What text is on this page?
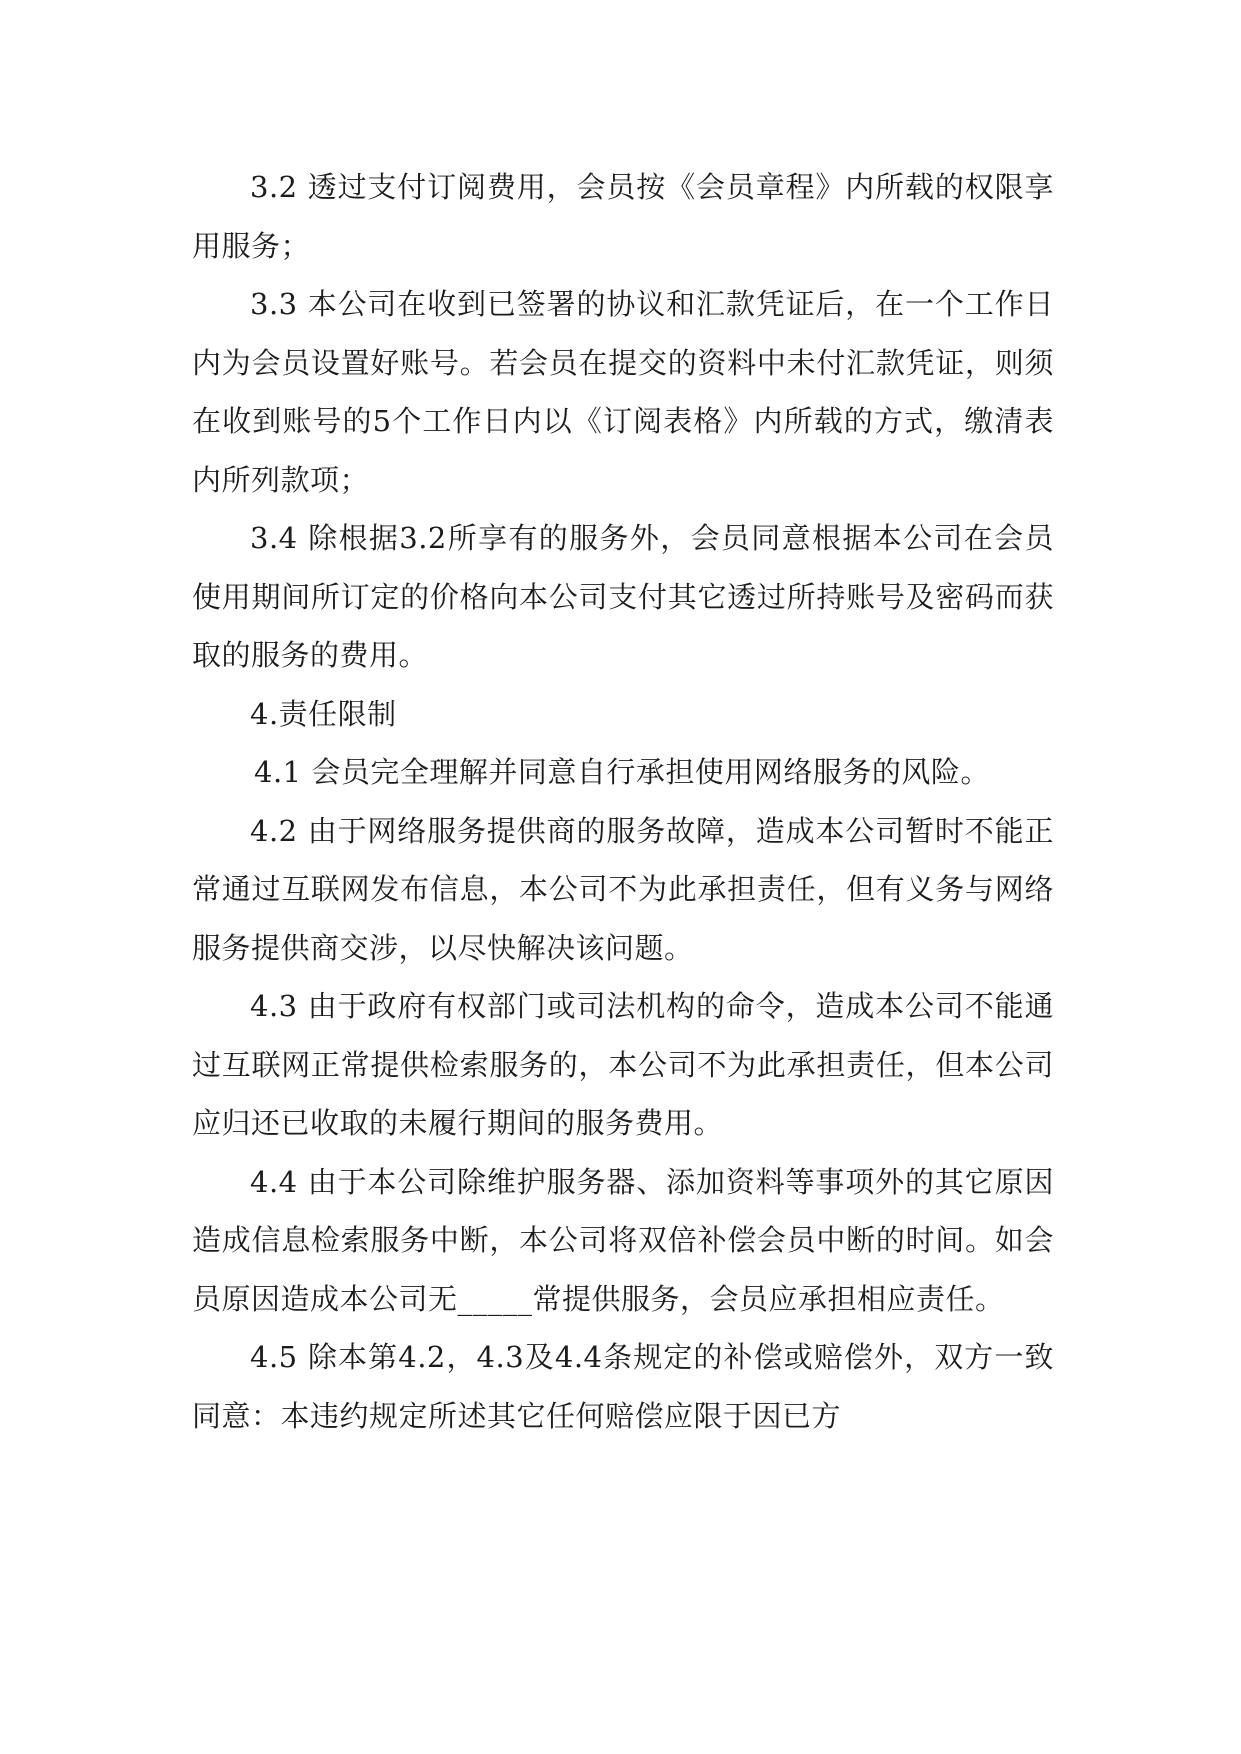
3.2 透过支付订阅费用，会员按《会员章程》内所载的权限享用服务；

3.3 本公司在收到已签署的协议和汇款凭证后，在一个工作日内为会员设置好账号。若会员在提交的资料中未付汇款凭证，则须在收到账号的5个工作日内以《订阅表格》内所载的方式，缴清表内所列款项；

3.4 除根据3.2所享有的服务外，会员同意根据本公司在会员使用期间所订定的价格向本公司支付其它透过所持账号及密码而获取的服务的费用。

4.责任限制

4.1 会员完全理解并同意自行承担使用网络服务的风险。

4.2 由于网络服务提供商的服务故障，造成本公司暂时不能正常通过互联网发布信息，本公司不为此承担责任，但有义务与网络服务提供商交涉，以尽快解决该问题。

4.3 由于政府有权部门或司法机构的命令，造成本公司不能通过互联网正常提供检索服务的，本公司不为此承担责任，但本公司应归还已收取的未履行期间的服务费用。

4.4 由于本公司除维护服务器、添加资料等事项外的其它原因造成信息检索服务中断，本公司将双倍补偿会员中断的时间。如会员原因造成本公司无_____常提供服务，会员应承担相应责任。

4.5 除本第4.2，4.3及4.4条规定的补偿或赔偿外，双方一致同意：本违约规定所述其它任何赔偿应限于因已方
